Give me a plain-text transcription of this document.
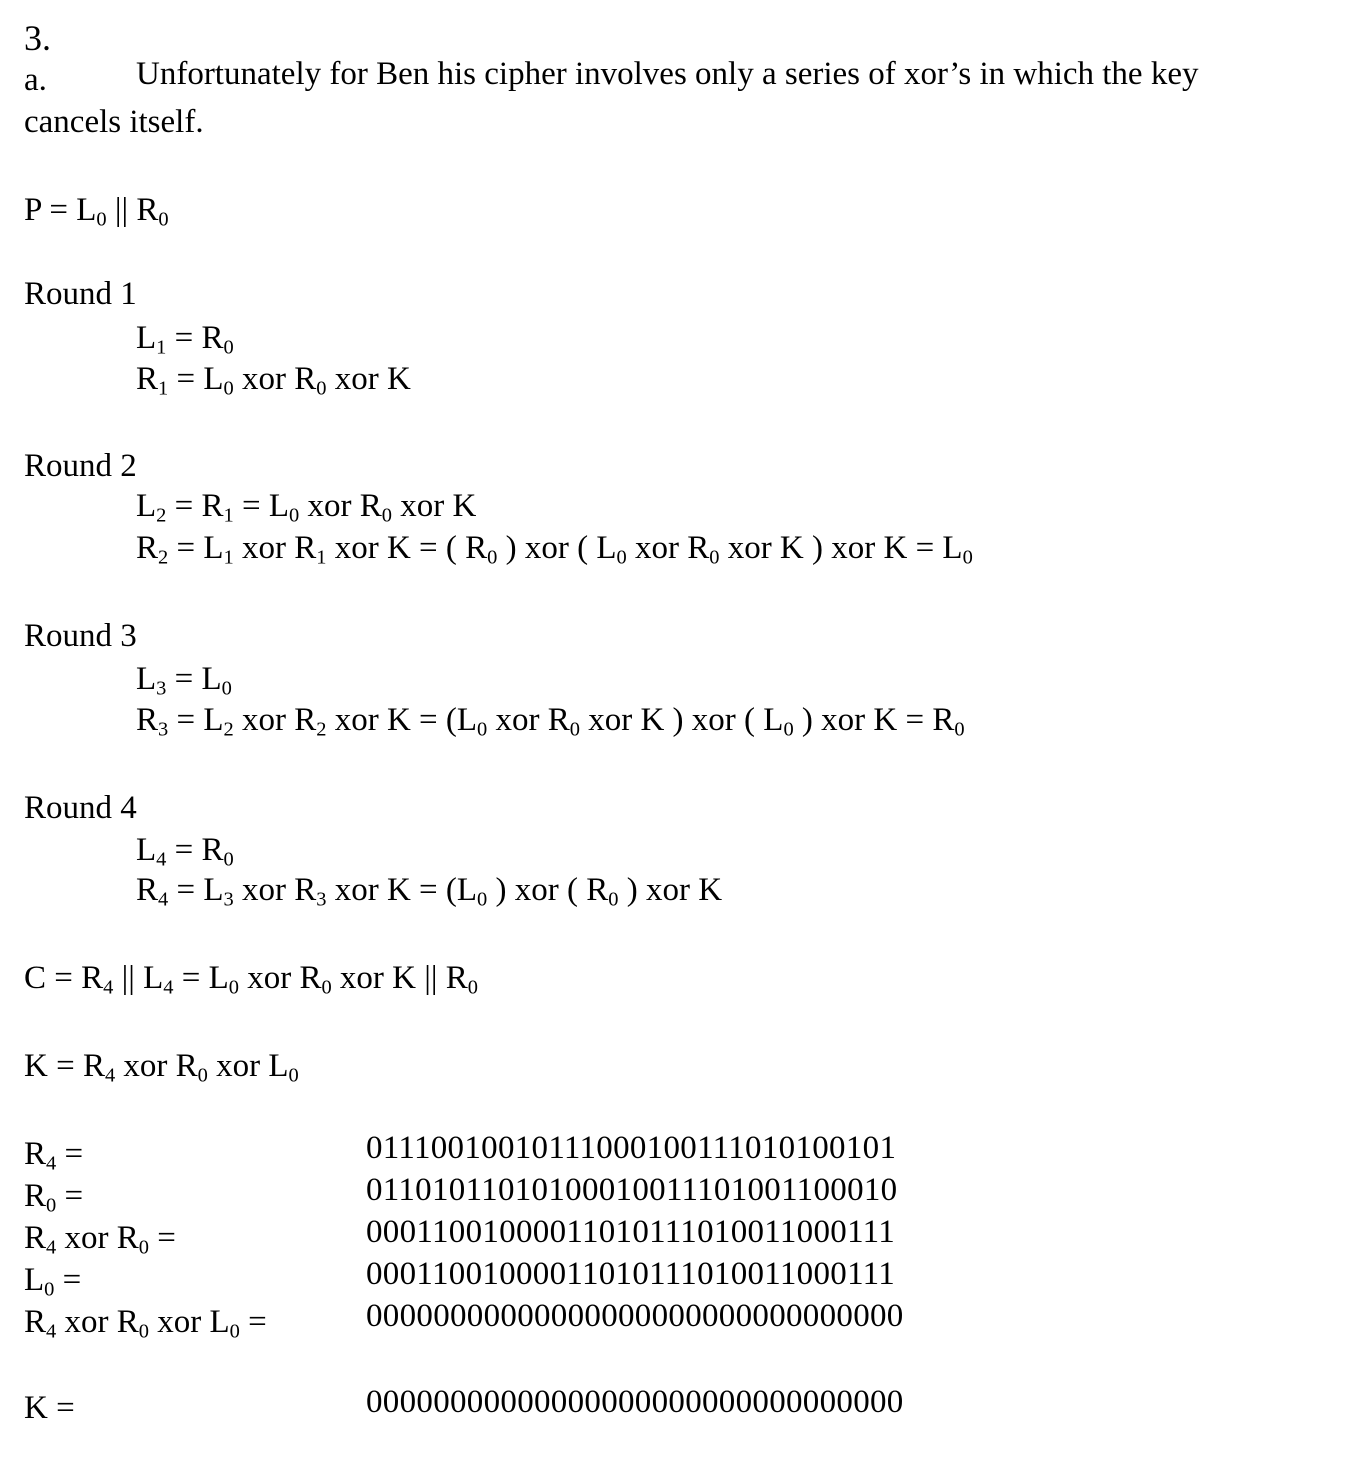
3.
a.	Unfortunately for Ben his cipher involves only a series of xor’s in which the key
cancels itself.
$P = L_0$ || $R_0$
Round 1
$L_1 = R_0$
$R_1 = L_0$ xor $R_0$ xor K
Round 2
$L_2 = R_1 = L_0$ xor $R_0$ xor K
$R_2 = L_1$ xor $R_1$ xor K = ( $R_0$ ) xor ( $L_0$ xor $R_0$ xor K ) xor $K = L_0$
Round 3
$L_3 = L_0$
$R_3 = L_2$ xor $R_2$ xor $K = (L_0$ xor $R_0$ xor K ) xor ( $L_0$ ) xor $K = R_0$
Round 4
$L_4 = R_0$
$R_4 = L_3$ xor $R_3$ xor $K = (L_0$ ) xor ( $R_0$ ) xor K
$C = R_4$ || $L_4 = L_0$ xor $R_0$ xor K || $R_0$
$K = R_4$ xor $R_0$ xor $L_0$
$R_4$ =	01110010010111000100111010100101
$R_0$ =	01101011010100010011101001100010
$R_4$ xor $R_0$ =	00011001000011010111010011000111
$L_0$ =	00011001000011010111010011000111
$R_4$ xor $R_0$ xor $L_0$ =	00000000000000000000000000000000
K =	00000000000000000000000000000000
